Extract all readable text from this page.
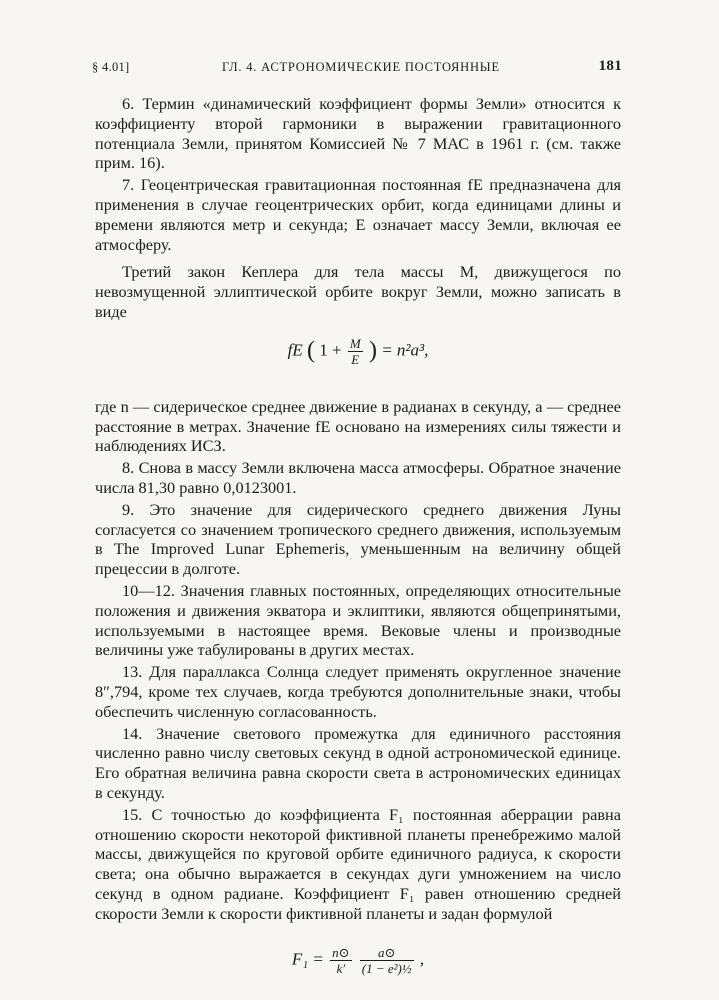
§ 4.01]	ГЛ. 4. АСТРОНОМИЧЕСКИЕ ПОСТОЯННЫЕ	181

6. Термин «динамический коэффициент формы Земли» относится к коэффициенту второй гармоники в выражении гравитационного потенциала Земли, принятом Комиссией № 7 МАС в 1961 г. (см. также прим. 16).

7. Геоцентрическая гравитационная постоянная fE предназначена для применения в случае геоцентрических орбит, когда единицами длины и времени являются метр и секунда; E означает массу Земли, включая ее атмосферу.

Третий закон Кеплера для тела массы M, движущегося по невозмущенной эллиптической орбите вокруг Земли, можно записать в виде

fE ( $1 + \frac{M}{E}$ ) = n²a³,

где n — сидерическое среднее движение в радианах в секунду, a — среднее расстояние в метрах. Значение fE основано на измерениях силы тяжести и наблюдениях ИСЗ.

8. Снова в массу Земли включена масса атмосферы. Обратное значение числа 81,30 равно 0,0123001.

9. Это значение для сидерического среднего движения Луны согласуется со значением тропического среднего движения, используемым в The Improved Lunar Ephemeris, уменьшенным на величину общей прецессии в долготе.

10—12. Значения главных постоянных, определяющих относительные положения и движения экватора и эклиптики, являются общепринятыми, используемыми в настоящее время. Вековые члены и производные величины уже табулированы в других местах.

13. Для параллакса Солнца следует применять округленное значение 8″,794, кроме тех случаев, когда требуются дополнительные знаки, чтобы обеспечить численную согласованность.

14. Значение светового промежутка для единичного расстояния численно равно числу световых секунд в одной астрономической единице. Его обратная величина равна скорости света в астрономических единицах в секунду.

15. С точностью до коэффициента F₁ постоянная аберрации равна отношению скорости некоторой фиктивной планеты пренебрежимо малой массы, движущейся по круговой орбите единичного радиуса, к скорости света; она обычно выражается в секундах дуги умножением на число секунд в одном радиане. Коэффициент F₁ равен отношению средней скорости Земли к скорости фиктивной планеты и задан формулой

$F_1 = \frac{n⊙}{k'}$
$\frac{a⊙}{\text{(1 − e²)½}}$ ,
